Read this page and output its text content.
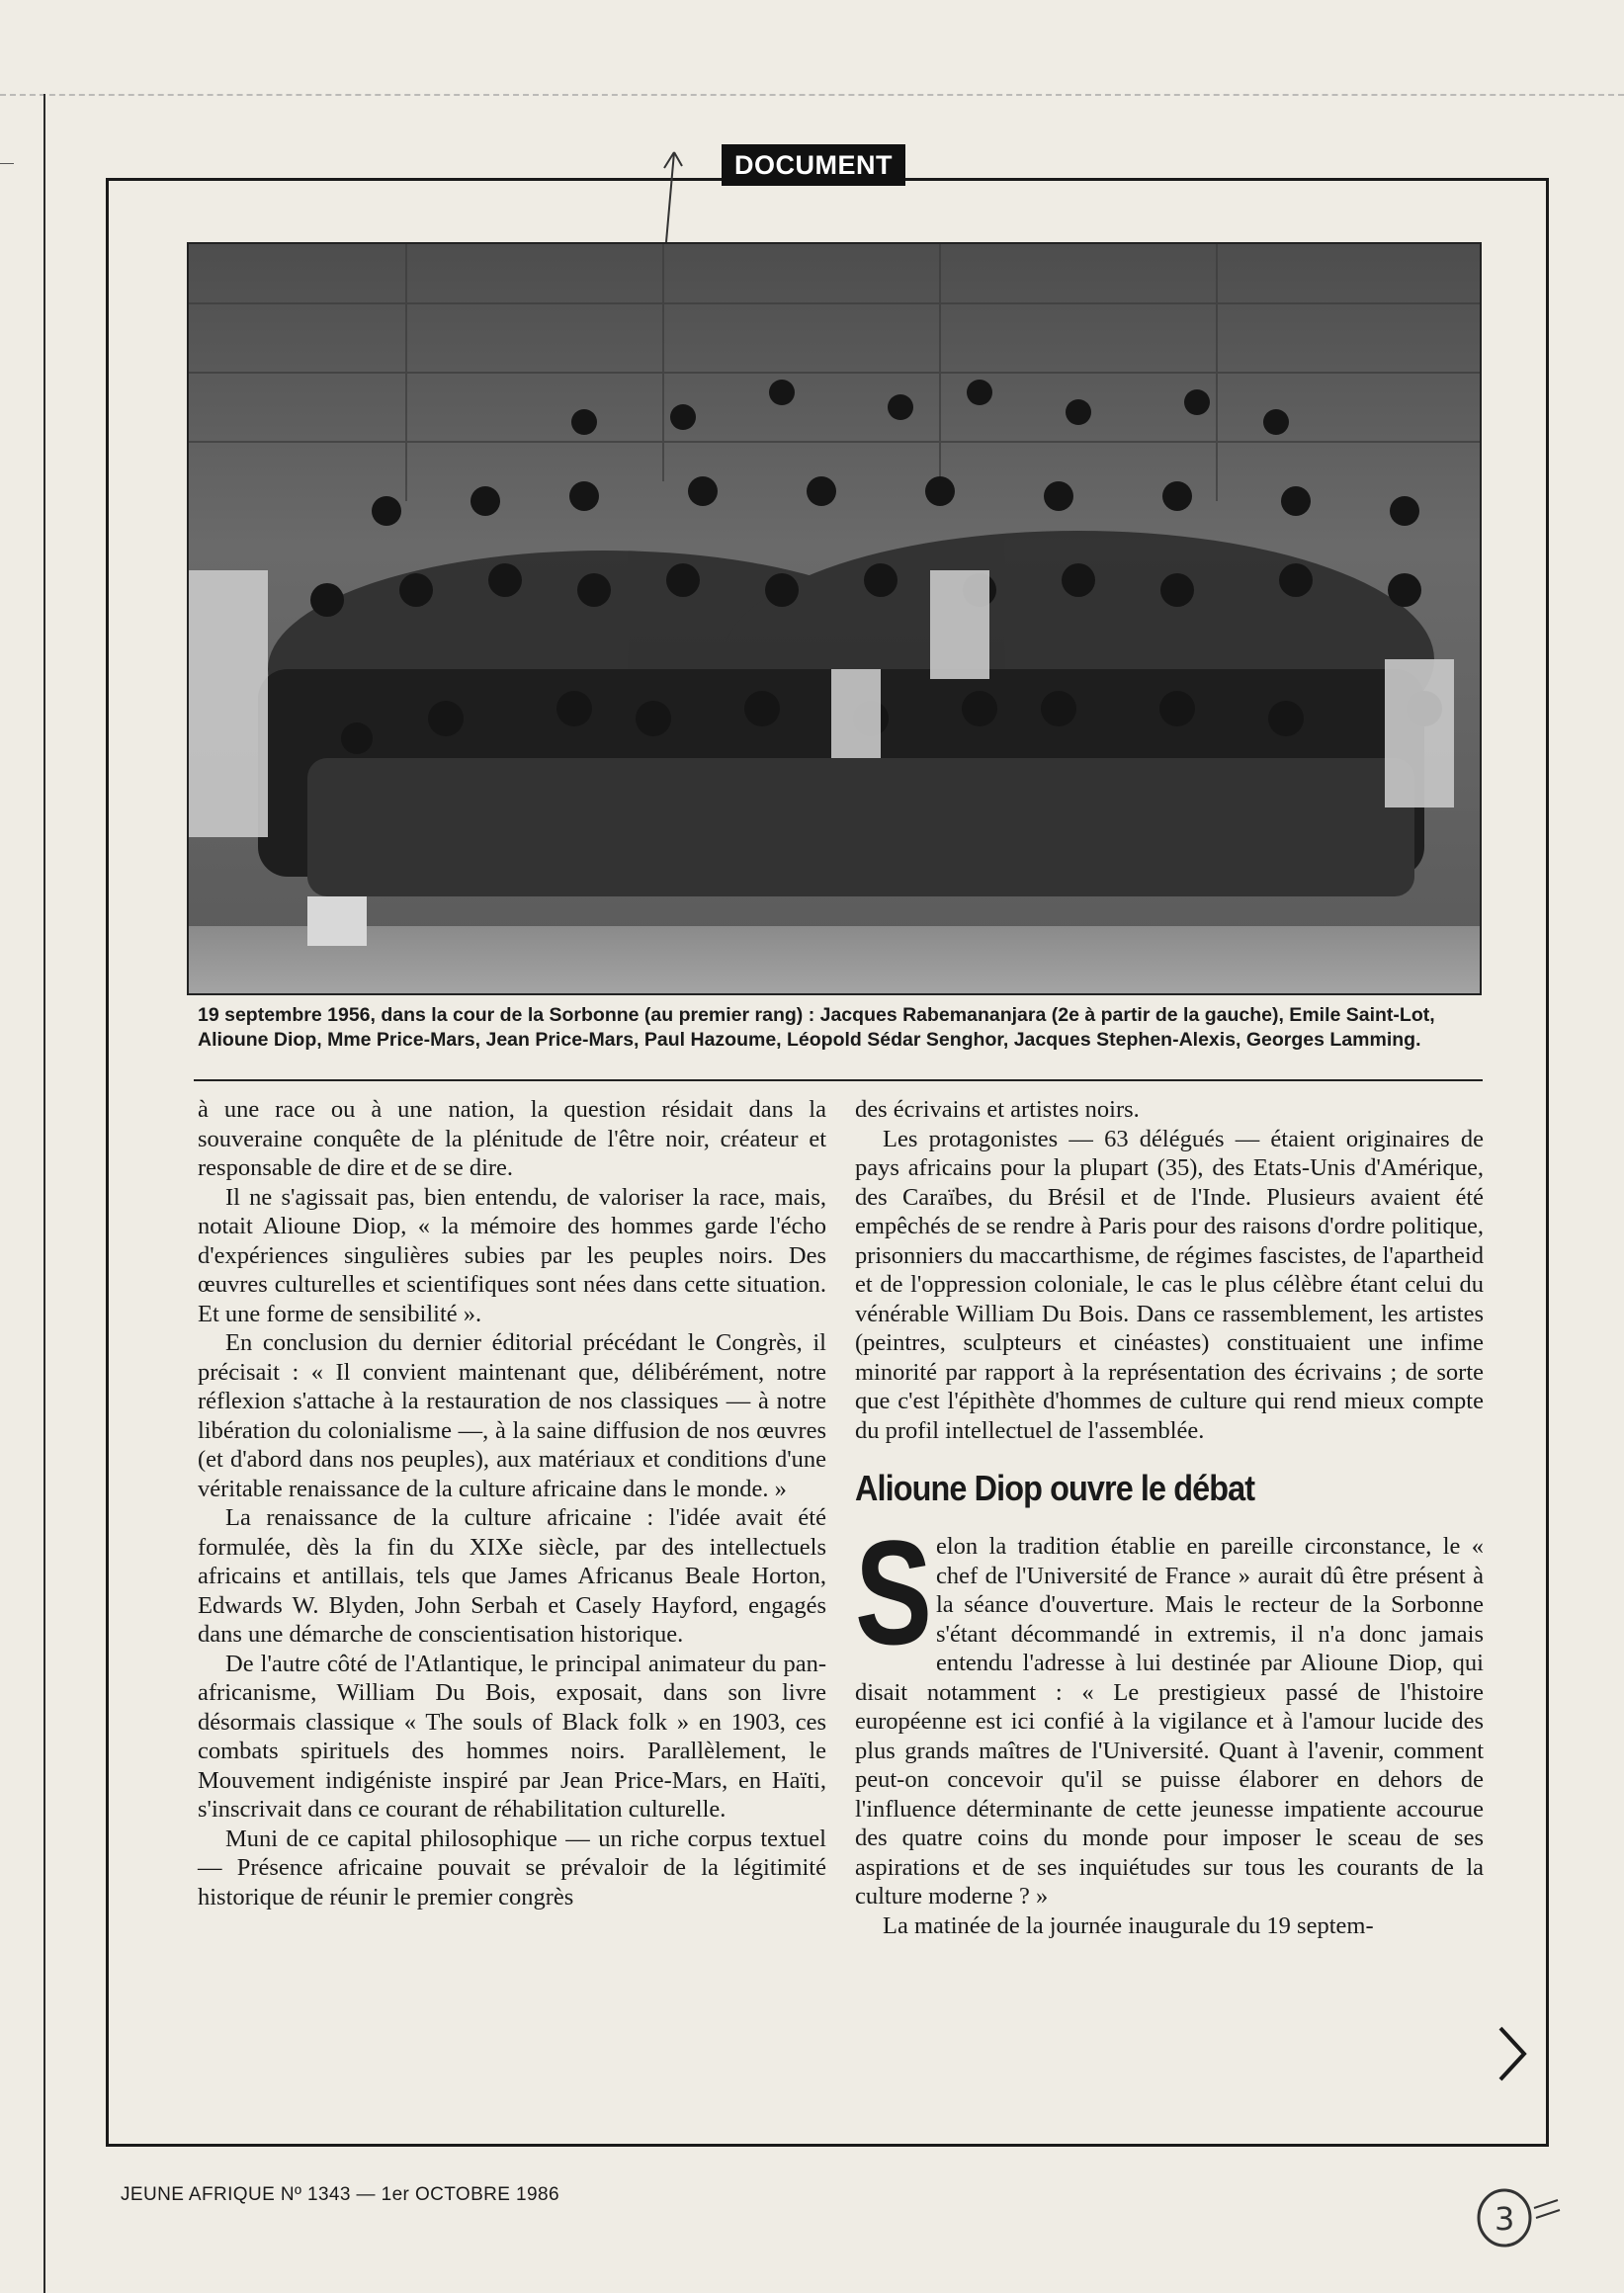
DOCUMENT
19 septembre 1956, dans la cour de la Sorbonne (au premier rang) : Jacques Rabemananjara (2e à partir de la gauche), Emile Saint-Lot, Alioune Diop, Mme Price-Mars, Jean Price-Mars, Paul Hazoume, Léopold Sédar Senghor, Jacques Stephen-Alexis, Georges Lamming.

à une race ou à une nation, la question résidait dans la souveraine conquête de la plénitude de l'être noir, créateur et responsable de dire et de se dire.

Il ne s'agissait pas, bien entendu, de valoriser la race, mais, notait Alioune Diop, « la mémoire des hommes garde l'écho d'expériences singulières subies par les peuples noirs. Des œuvres culturelles et scientifiques sont nées dans cette situation. Et une forme de sensibilité ».

En conclusion du dernier éditorial précédant le Congrès, il précisait : « Il convient maintenant que, délibérément, notre réflexion s'attache à la restauration de nos classiques — à notre libération du colonialisme —, à la saine diffusion de nos œuvres (et d'abord dans nos peuples), aux matériaux et conditions d'une véritable renaissance de la culture africaine dans le monde. »

La renaissance de la culture africaine : l'idée avait été formulée, dès la fin du XIXe siècle, par des intellectuels africains et antillais, tels que James Africanus Beale Horton, Edwards W. Blyden, John Serbah et Casely Hayford, engagés dans une démarche de conscientisation historique.

De l'autre côté de l'Atlantique, le principal animateur du pan-africanisme, William Du Bois, exposait, dans son livre désormais classique « The souls of Black folk » en 1903, ces combats spirituels des hommes noirs. Parallèlement, le Mouvement indigéniste inspiré par Jean Price-Mars, en Haïti, s'inscrivait dans ce courant de réhabilitation culturelle.

Muni de ce capital philosophique — un riche corpus textuel — Présence africaine pouvait se prévaloir de la légitimité historique de réunir le premier congrès

des écrivains et artistes noirs.

Les protagonistes — 63 délégués — étaient originaires de pays africains pour la plupart (35), des Etats-Unis d'Amérique, des Caraïbes, du Brésil et de l'Inde. Plusieurs avaient été empêchés de se rendre à Paris pour des raisons d'ordre politique, prisonniers du maccarthisme, de régimes fascistes, de l'apartheid et de l'oppression coloniale, le cas le plus célèbre étant celui du vénérable William Du Bois. Dans ce rassemblement, les artistes (peintres, sculpteurs et cinéastes) constituaient une infime minorité par rapport à la représentation des écrivains ; de sorte que c'est l'épithète d'hommes de culture qui rend mieux compte du profil intellectuel de l'assemblée.

Alioune Diop ouvre le débat

Selon la tradition établie en pareille circonstance, le « chef de l'Université de France » aurait dû être présent à la séance d'ouverture. Mais le recteur de la Sorbonne s'étant décommandé in extremis, il n'a donc jamais entendu l'adresse à lui destinée par Alioune Diop, qui disait notamment : « Le prestigieux passé de l'histoire européenne est ici confié à la vigilance et à l'amour lucide des plus grands maîtres de l'Université. Quant à l'avenir, comment peut-on concevoir qu'il se puisse élaborer en dehors de l'influence déterminante de cette jeunesse impatiente accourue des quatre coins du monde pour imposer le sceau de ses aspirations et de ses inquiétudes sur tous les courants de la culture moderne ? »

La matinée de la journée inaugurale du 19 septem-

JEUNE AFRIQUE Nº 1343 — 1er OCTOBRE 1986
3
